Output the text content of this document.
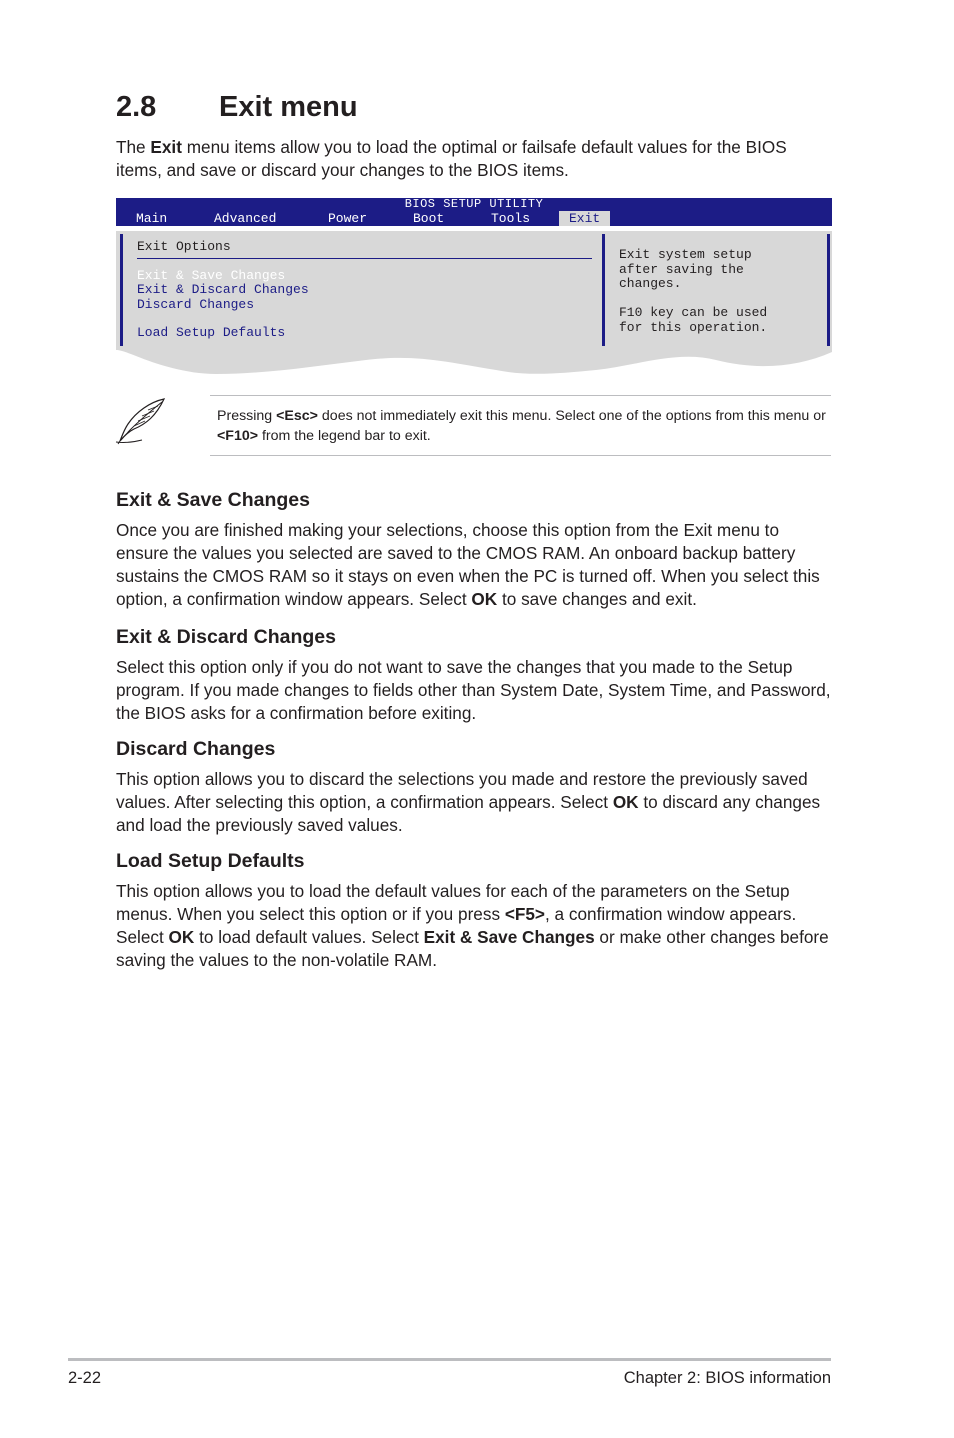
2.8 Exit menu

The Exit menu items allow you to load the optimal or failsafe default values for the BIOS items, and save or discard your changes to the BIOS items.

BIOS SETUP UTILITY
Main	Advanced	Power	Boot	Tools	Exit
Exit Options
Exit & Save Changes
Exit & Discard Changes
Discard Changes
Load Setup Defaults
Exit system setup
after saving the
changes.

F10 key can be used
for this operation.

Pressing <Esc> does not immediately exit this menu. Select one of the options from this menu or <F10> from the legend bar to exit.

Exit & Save Changes

Once you are finished making your selections, choose this option from the Exit menu to ensure the values you selected are saved to the CMOS RAM. An onboard backup battery sustains the CMOS RAM so it stays on even when the PC is turned off. When you select this option, a confirmation window appears. Select OK to save changes and exit.

Exit & Discard Changes

Select this option only if you do not want to save the changes that you made to the Setup program. If you made changes to fields other than System Date, System Time, and Password, the BIOS asks for a confirmation before exiting.

Discard Changes

This option allows you to discard the selections you made and restore the previously saved values. After selecting this option, a confirmation appears. Select OK to discard any changes and load the previously saved values.

Load Setup Defaults

This option allows you to load the default values for each of the parameters on the Setup menus. When you select this option or if you press <F5>, a confirmation window appears. Select OK to load default values. Select Exit & Save Changes or make other changes before saving the values to the non-volatile RAM.

2-22	Chapter 2: BIOS information
